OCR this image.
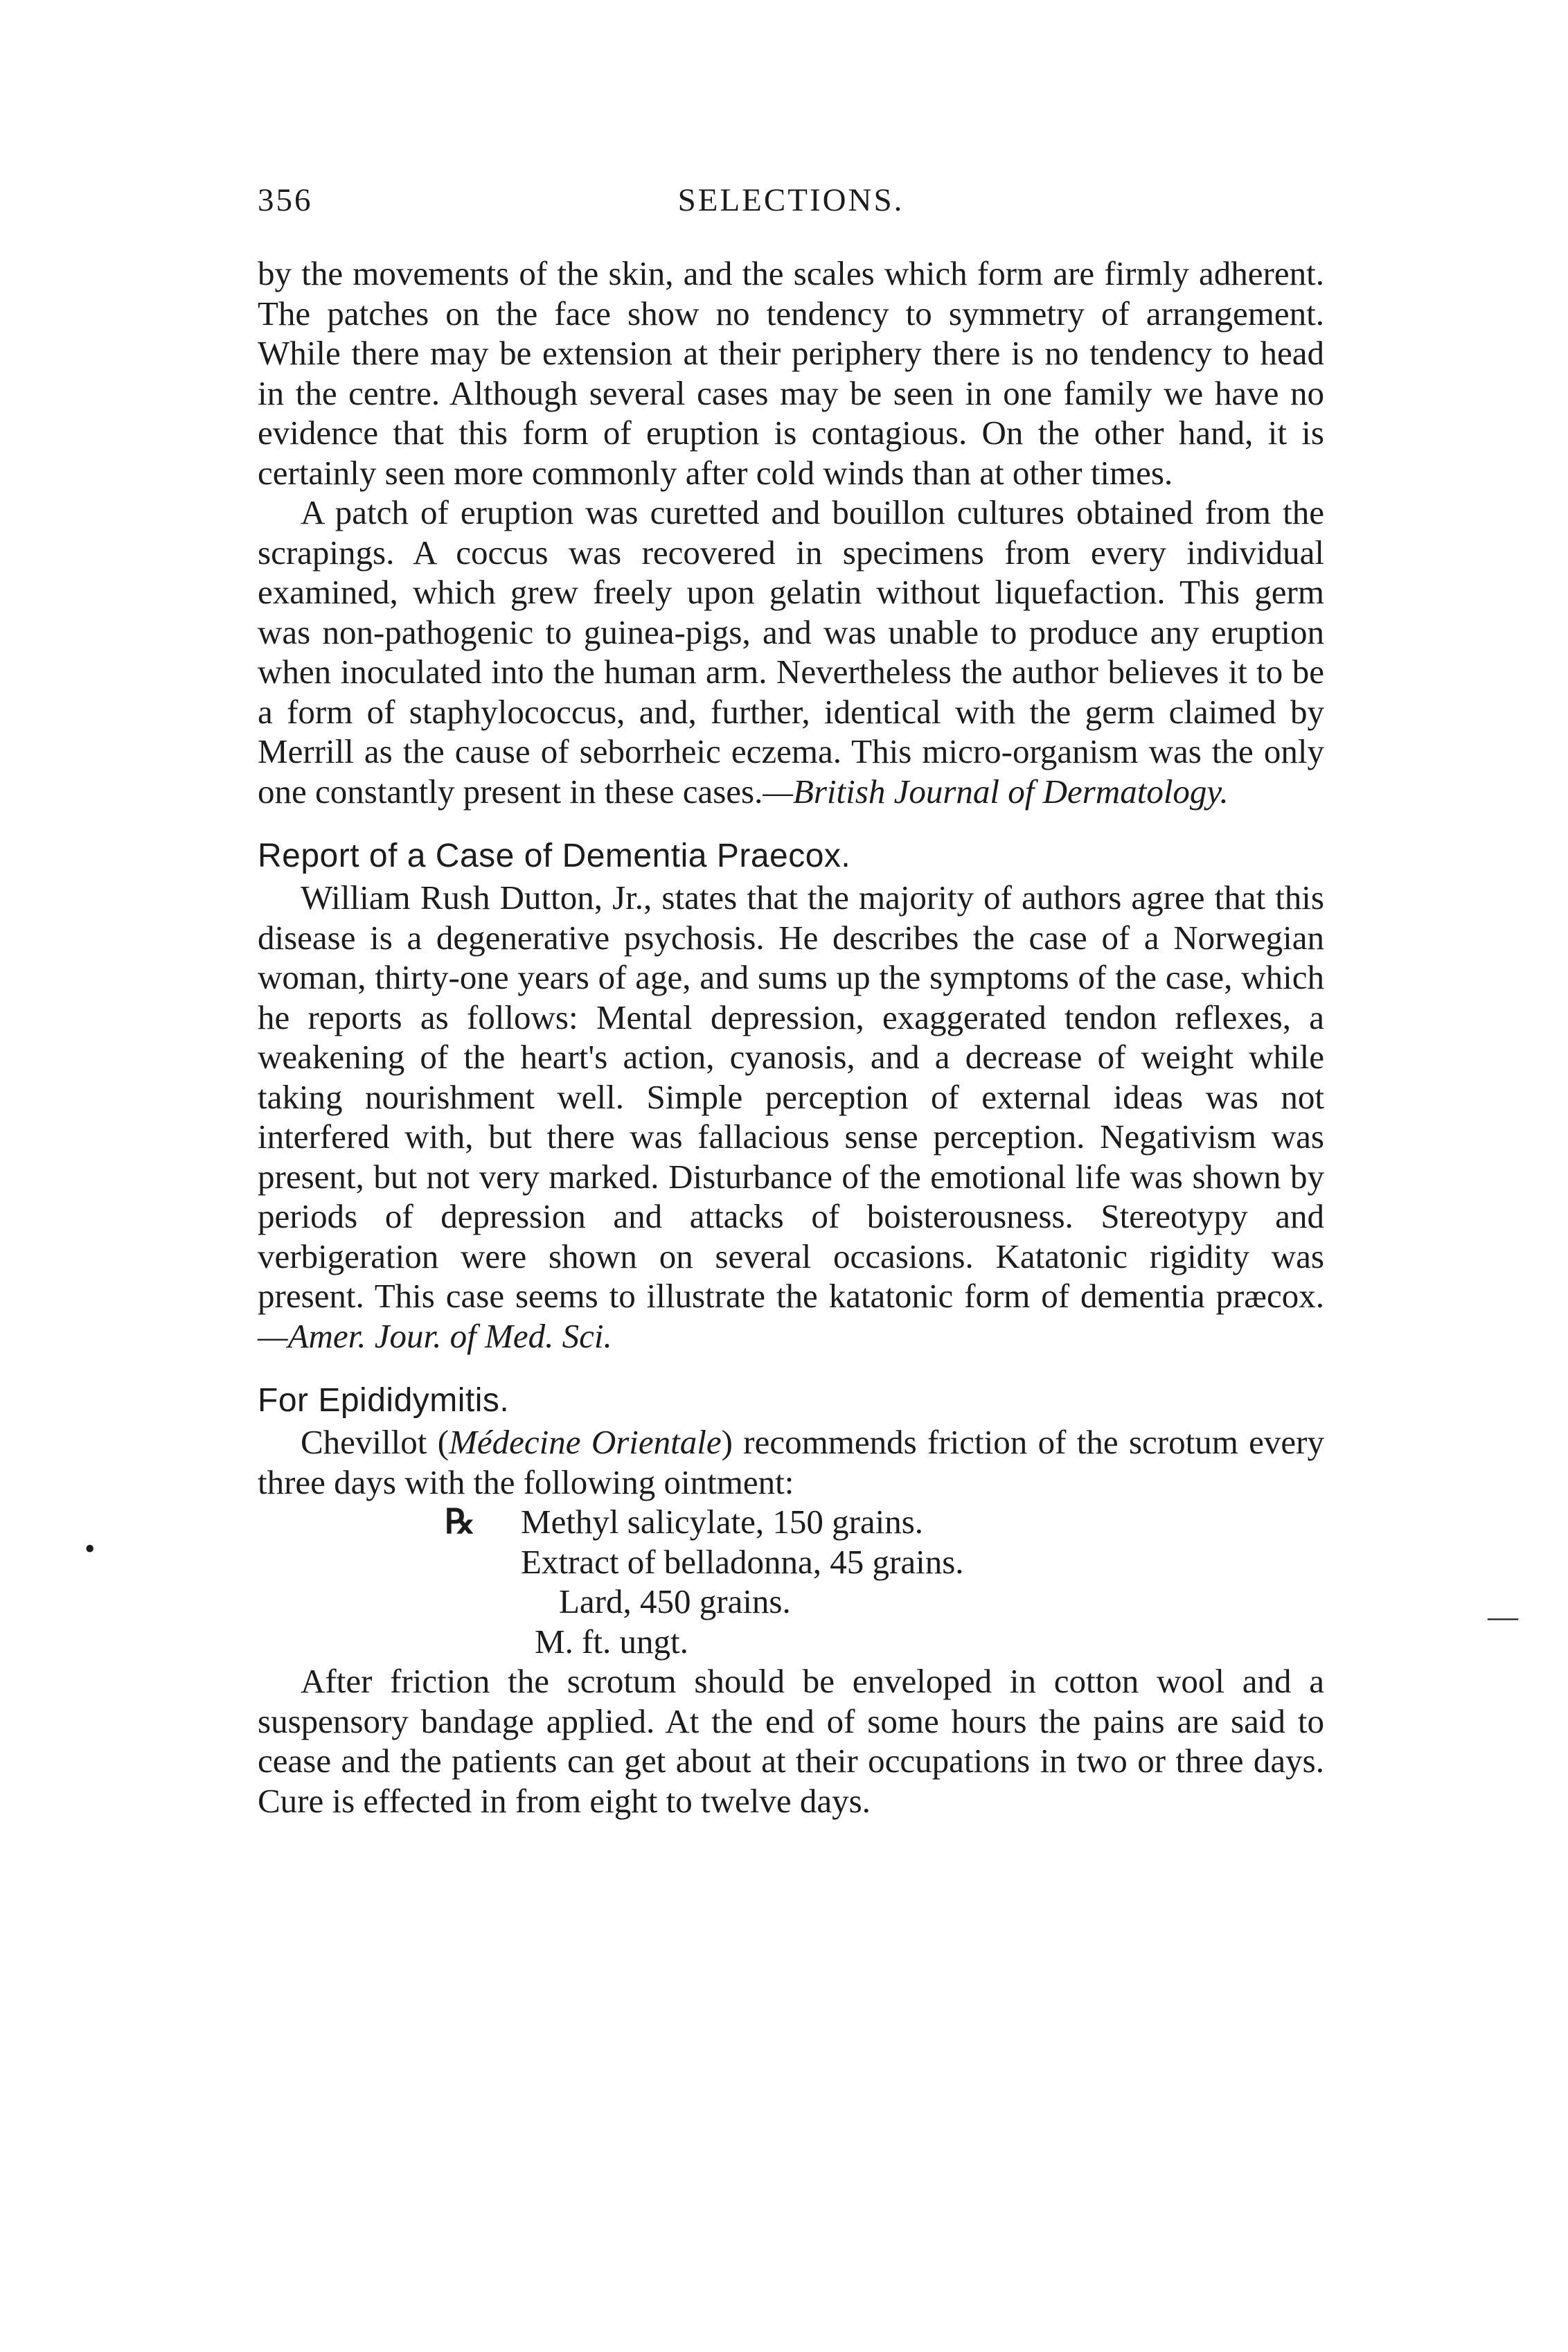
356	SELECTIONS.

by the movements of the skin, and the scales which form are firmly adherent. The patches on the face show no tendency to symmetry of arrangement. While there may be extension at their periphery there is no tendency to head in the centre. Although several cases may be seen in one family we have no evidence that this form of eruption is contagious. On the other hand, it is certainly seen more commonly after cold winds than at other times.

A patch of eruption was curetted and bouillon cultures obtained from the scrapings. A coccus was recovered in specimens from every individual examined, which grew freely upon gelatin without liquefaction. This germ was non-pathogenic to guinea-pigs, and was unable to produce any eruption when inoculated into the human arm. Nevertheless the author believes it to be a form of staphylococcus, and, further, identical with the germ claimed by Merrill as the cause of seborrheic eczema. This micro-organism was the only one constantly present in these cases.—British Journal of Dermatology.

Report of a Case of Dementia Praecox.

William Rush Dutton, Jr., states that the majority of authors agree that this disease is a degenerative psychosis. He describes the case of a Norwegian woman, thirty-one years of age, and sums up the symptoms of the case, which he reports as follows: Mental depression, exaggerated tendon reflexes, a weakening of the heart's action, cyanosis, and a decrease of weight while taking nourishment well. Simple perception of external ideas was not interfered with, but there was fallacious sense perception. Negativism was present, but not very marked. Disturbance of the emotional life was shown by periods of depression and attacks of boisterousness. Stereotypy and verbigeration were shown on several occasions. Katatonic rigidity was present. This case seems to illustrate the katatonic form of dementia præcox.—Amer. Jour. of Med. Sci.

For Epididymitis.

Chevillot (Médecine Orientale) recommends friction of the scrotum every three days with the following ointment:

℞ Methyl salicylate, 150 grains.
Extract of belladonna, 45 grains.
Lard, 450 grains.
M. ft. ungt.

After friction the scrotum should be enveloped in cotton wool and a suspensory bandage applied. At the end of some hours the pains are said to cease and the patients can get about at their occupations in two or three days. Cure is effected in from eight to twelve days.

•
—
